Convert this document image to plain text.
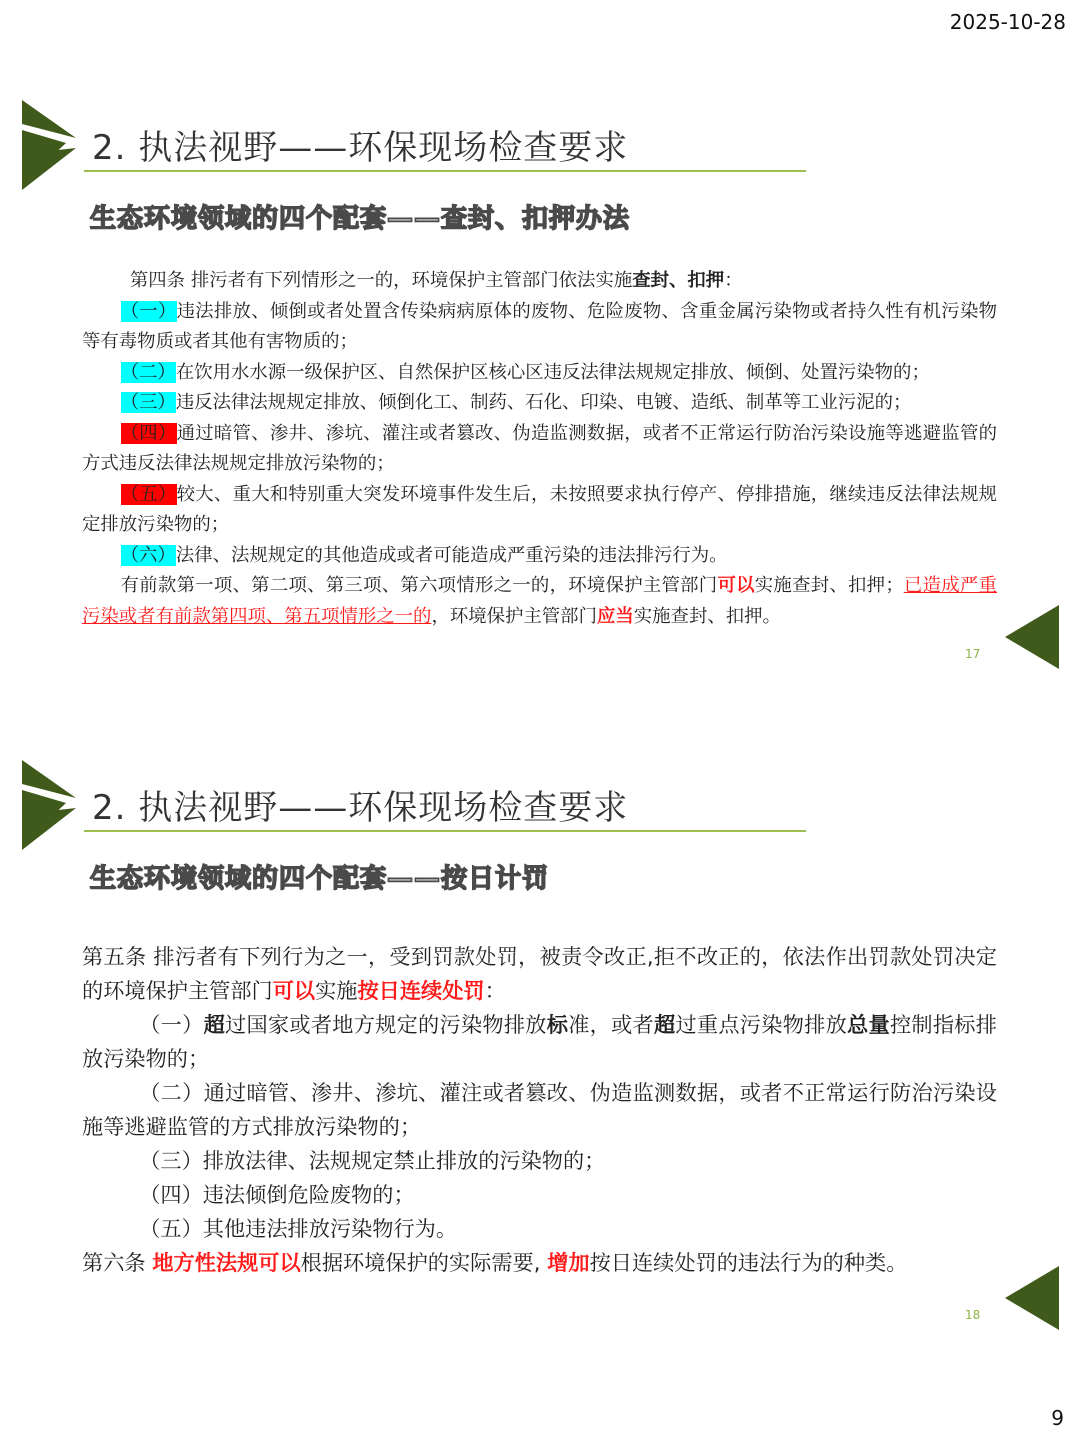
2025-10-28
2. 执法视野——环保现场检查要求
生态环境领域的四个配套——查封、扣押办法

第四条 排污者有下列情形之一的，环境保护主管部门依法实施查封、扣押：

（一）违法排放、倾倒或者处置含传染病病原体的废物、危险废物、含重金属污染物或者持久性有机污染物等有毒物质或者其他有害物质的；

（二）在饮用水水源一级保护区、自然保护区核心区违反法律法规规定排放、倾倒、处置污染物的；

（三）违反法律法规规定排放、倾倒化工、制药、石化、印染、电镀、造纸、制革等工业污泥的；

（四）通过暗管、渗井、渗坑、灌注或者篡改、伪造监测数据，或者不正常运行防治污染设施等逃避监管的方式违反法律法规规定排放污染物的；

（五）较大、重大和特别重大突发环境事件发生后，未按照要求执行停产、停排措施，继续违反法律法规规定排放污染物的；

（六）法律、法规规定的其他造成或者可能造成严重污染的违法排污行为。

有前款第一项、第二项、第三项、第六项情形之一的，环境保护主管部门可以实施查封、扣押；已造成严重污染或者有前款第四项、第五项情形之一的，环境保护主管部门应当实施查封、扣押。

17
2. 执法视野——环保现场检查要求
生态环境领域的四个配套——按日计罚

第五条 排污者有下列行为之一，受到罚款处罚，被责令改正,拒不改正的，依法作出罚款处罚决定的环境保护主管部门可以实施按日连续处罚：

（一）超过国家或者地方规定的污染物排放标准，或者超过重点污染物排放总量控制指标排放污染物的；

（二）通过暗管、渗井、渗坑、灌注或者篡改、伪造监测数据，或者不正常运行防治污染设施等逃避监管的方式排放污染物的；

（三）排放法律、法规规定禁止排放的污染物的；

（四）违法倾倒危险废物的；

（五）其他违法排放污染物行为。

第六条 地方性法规可以根据环境保护的实际需要, 增加按日连续处罚的违法行为的种类。

18
9
